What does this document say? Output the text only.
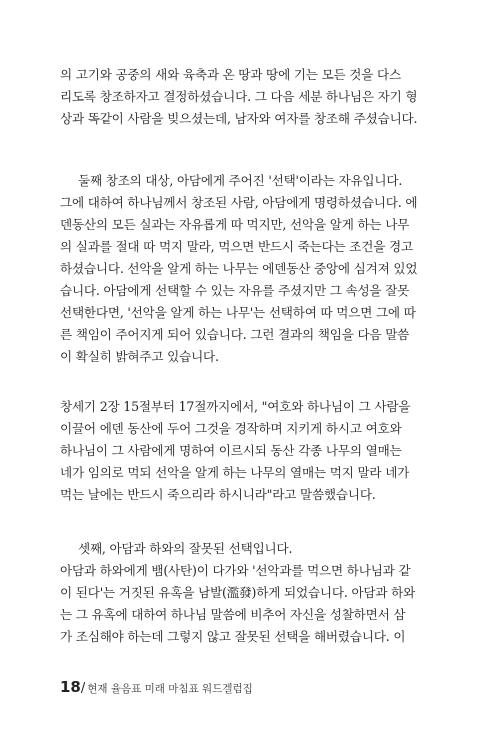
의 고기와 공중의 새와 육축과 온 땅과 땅에 기는 모든 것을 다스
리도록 창조하자고 결정하셨습니다. 그 다음 세분 하나님은 자기 형
상과 똑같이 사람을 빚으셨는데, 남자와 여자를 창조해 주셨습니다.
둘째 창조의 대상, 아담에게 주어진 '선택'이라는 자유입니다.
그에 대하여 하나님께서 창조된 사람, 아담에게 명령하셨습니다. 에
덴동산의 모든 실과는 자유롭게 따 먹지만, 선악을 알게 하는 나무
의 실과를 절대 따 먹지 말라, 먹으면 반드시 죽는다는 조건을 경고
하셨습니다. 선악을 알게 하는 나무는 에덴동산 중앙에 심겨져 있었
습니다. 아담에게 선택할 수 있는 자유를 주셨지만 그 속성을 잘못
선택한다면, '선악을 알게 하는 나무'는 선택하여 따 먹으면 그에 따
른 책임이 주어지게 되어 있습니다. 그런 결과의 책임을 다음 말씀
이 확실히 밝혀주고 있습니다.
창세기 2장 15절부터 17절까지에서, "여호와 하나님이 그 사람을
이끌어 에덴 동산에 두어 그것을 경작하며 지키게 하시고 여호와
하나님이 그 사람에게 명하여 이르시되 동산 각종 나무의 열매는
네가 임의로 먹되 선악을 알게 하는 나무의 열매는 먹지 말라 네가
먹는 날에는 반드시 죽으리라 하시니라"라고 말씀했습니다.
셋째, 아담과 하와의 잘못된 선택입니다.
아담과 하와에게 뱀(사탄)이 다가와 '선악과를 먹으면 하나님과 같
이 된다'는 거짓된 유혹을 남발(濫發)하게 되었습니다. 아담과 하와
는 그 유혹에 대하여 하나님 말씀에 비추어 자신을 성찰하면서 삼
가 조심해야 하는데 그렇지 않고 잘못된 선택을 해버렸습니다. 이
18 / 현재 율음표 미래 마침표 워드겔럼집
